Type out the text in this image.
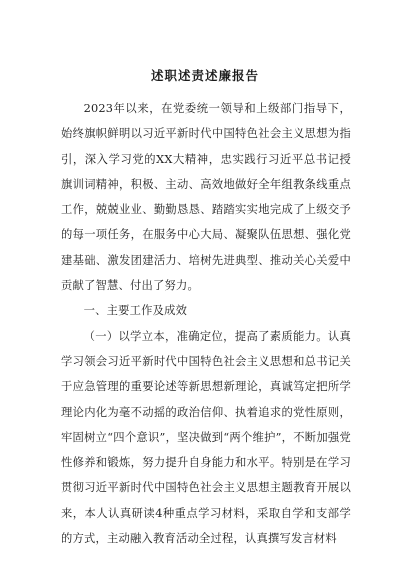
述职述责述廉报告

2023年以来，在党委统一领导和上级部门指导下，始终旗帜鲜明以习近平新时代中国特色社会主义思想为指引，深入学习党的XX大精神，忠实践行习近平总书记授旗训词精神，积极、主动、高效地做好全年组教条线重点工作，兢兢业业、勤勤恳恳、踏踏实实地完成了上级交予的每一项任务，在服务中心大局、凝聚队伍思想、强化党建基础、激发团建活力、培树先进典型、推动关心关爱中贡献了智慧、付出了努力。

一、主要工作及成效

（一）以学立本，准确定位，提高了素质能力。认真学习领会习近平新时代中国特色社会主义思想和总书记关于应急管理的重要论述等新思想新理论，真诚笃定把所学理论内化为毫不动摇的政治信仰、执着追求的党性原则，牢固树立“四个意识”，坚决做到“两个维护”，不断加强党性修养和锻炼，努力提升自身能力和水平。特别是在学习贯彻习近平新时代中国特色社会主义思想主题教育开展以来，本人认真研读4种重点学习材料，采取自学和支部学的方式，主动融入教育活动全过程，认真撰写发言材料
